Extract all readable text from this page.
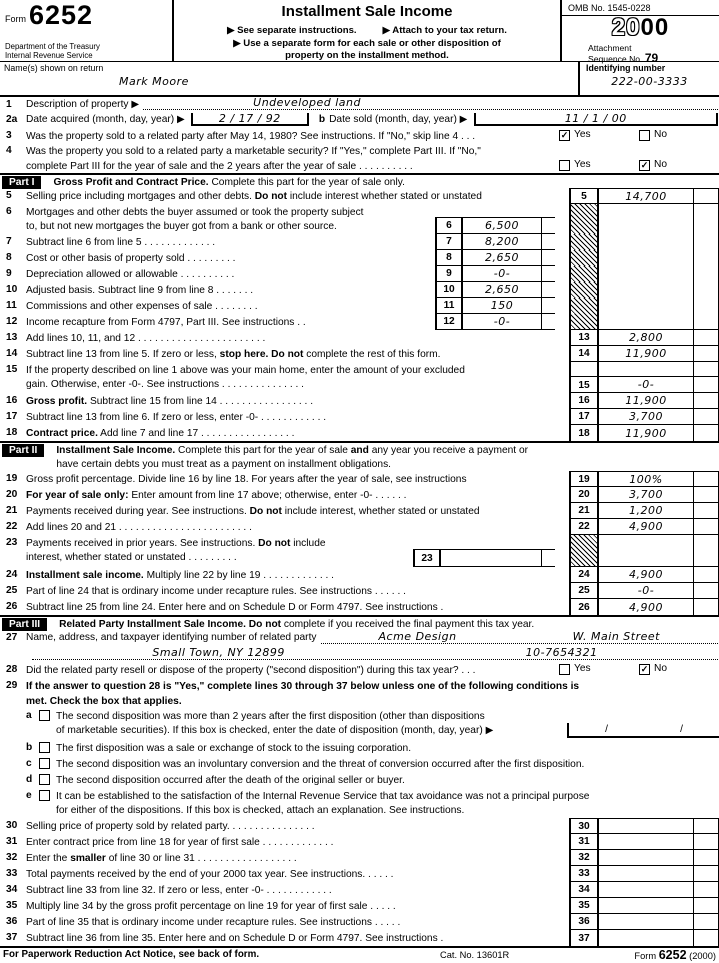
Form 6252
Department of the Treasury
Internal Revenue Service
Installment Sale Income
▶ See separate instructions.	▶ Attach to your tax return.
▶ Use a separate form for each sale or other disposition of
property on the installment method.
OMB No. 1545-0228
2000
Attachment
Sequence No. 79
Name(s) shown on return
Mark Moore
Identifying number
222-00-3333
1	Description of property ▶	Undeveloped land
2a Date acquired (month, day, year) ▶	2 / 17 / 92	b Date sold (month, day, year) ▶	11 / 1 / 00
3	Was the property sold to a related party after May 14, 1980? See instructions. If "No," skip line 4 . . .	✓ Yes	No
4	Was the property you sold to a related party a marketable security? If "Yes," complete Part III. If "No,"
complete Part III for the year of sale and the 2 years after the year of sale . . . . . . . . . .	Yes	✓ No
Part I	Gross Profit and Contract Price. Complete this part for the year of sale only.
5	Selling price including mortgages and other debts. Do not include interest whether stated or unstated	5	14,700
6	Mortgages and other debts the buyer assumed or took the property subject
to, but not new mortgages the buyer got from a bank or other source.	6	6,500
7	Subtract line 6 from line 5 . . . . . . . . . . . . .	7	8,200
8	Cost or other basis of property sold . . . . . . . . .	8	2,650
9	Depreciation allowed or allowable . . . . . . . . . .	9	-0-
10 Adjusted basis. Subtract line 9 from line 8 . . . . . . .	10	2,650
11 Commissions and other expenses of sale . . . . . . . .	11	150
12 Income recapture from Form 4797, Part III. See instructions . .	12	-0-
13 Add lines 10, 11, and 12 . . . . . . . . . . . . . . . . . . . . . . .	13	2,800
14 Subtract line 13 from line 5. If zero or less, stop here. Do not complete the rest of this form.	14	11,900
15 If the property described on line 1 above was your main home, enter the amount of your excluded
gain. Otherwise, enter -0-. See instructions . . . . . . . . . . . . . . .	15	-0-
16 Gross profit. Subtract line 15 from line 14 . . . . . . . . . . . . . . . . .	16	11,900
17 Subtract line 13 from line 6. If zero or less, enter -0- . . . . . . . . . . . .	17	3,700
18 Contract price. Add line 7 and line 17 . . . . . . . . . . . . . . . . .	18	11,900
Part II	Installment Sale Income. Complete this part for the year of sale and any year you receive a payment or
have certain debts you must treat as a payment on installment obligations.
19 Gross profit percentage. Divide line 16 by line 18. For years after the year of sale, see instructions	19	100%
20 For year of sale only: Enter amount from line 17 above; otherwise, enter -0- . . . . . .	20	3,700
21 Payments received during year. See instructions. Do not include interest, whether stated or unstated	21	1,200
22 Add lines 20 and 21 . . . . . . . . . . . . . . . . . . . . . . . .	22	4,900
23 Payments received in prior years. See instructions. Do not include
interest, whether stated or unstated . . . . . . . . .	23
24 Installment sale income. Multiply line 22 by line 19 . . . . . . . . . . . . .	24	4,900
25 Part of line 24 that is ordinary income under recapture rules. See instructions . . . . . .	25	-0-
26 Subtract line 25 from line 24. Enter here and on Schedule D or Form 4797. See instructions .	26	4,900
Part III	Related Party Installment Sale Income. Do not complete if you received the final payment this tax year.
27 Name, address, and taxpayer identifying number of related party	Acme Design	W. Main Street
Small Town, NY 12899	10-7654321
28 Did the related party resell or dispose of the property ("second disposition") during this tax year? . . .	Yes	✓ No
29 If the answer to question 28 is "Yes," complete lines 30 through 37 below unless one of the following conditions is
met. Check the box that applies.
a	The second disposition was more than 2 years after the first disposition (other than dispositions
of marketable securities). If this box is checked, enter the date of disposition (month, day, year) ▶	/	/
b	The first disposition was a sale or exchange of stock to the issuing corporation.
c	The second disposition was an involuntary conversion and the threat of conversion occurred after the first disposition.
d	The second disposition occurred after the death of the original seller or buyer.
e	It can be established to the satisfaction of the Internal Revenue Service that tax avoidance was not a principal purpose
for either of the dispositions. If this box is checked, attach an explanation. See instructions.
30 Selling price of property sold by related party. . . . . . . . . . . . . . . .	30
31 Enter contract price from line 18 for year of first sale . . . . . . . . . . . . .	31
32 Enter the smaller of line 30 or line 31 . . . . . . . . . . . . . . . . . .	32
33 Total payments received by the end of your 2000 tax year. See instructions. . . . . .	33
34 Subtract line 33 from line 32. If zero or less, enter -0- . . . . . . . . . . . .	34
35 Multiply line 34 by the gross profit percentage on line 19 for year of first sale . . . . .	35
36 Part of line 35 that is ordinary income under recapture rules. See instructions . . . . .	36
37 Subtract line 36 from line 35. Enter here and on Schedule D or Form 4797. See instructions .	37
For Paperwork Reduction Act Notice, see back of form.	Cat. No. 13601R	Form 6252 (2000)
